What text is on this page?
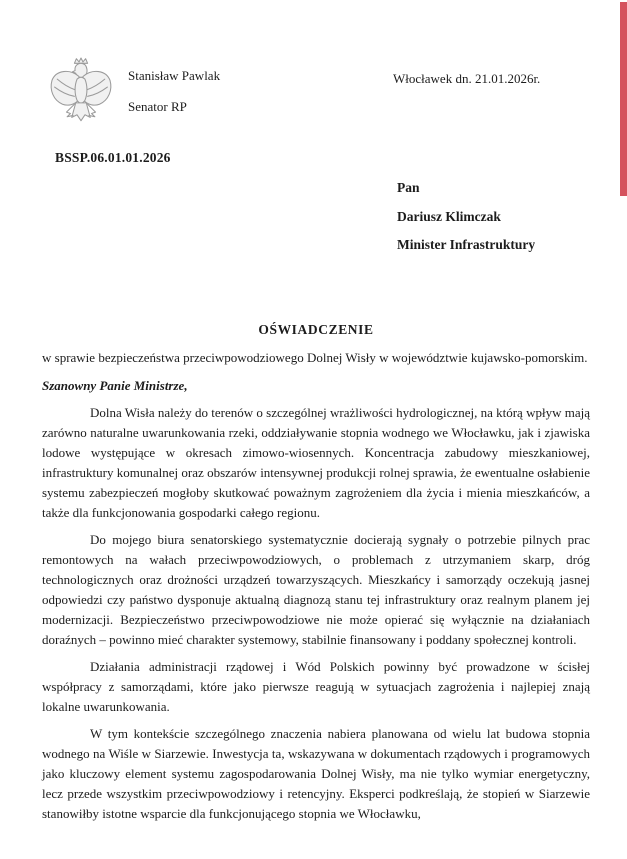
Stanisław Pawlak
Senator RP
Włocławek dn. 21.01.2026r.
BSSP.06.01.01.2026
Pan
Dariusz Klimczak
Minister Infrastruktury

OŚWIADCZENIE

w sprawie bezpieczeństwa przeciwpowodziowego Dolnej Wisły w województwie kujawsko-pomorskim.

Szanowny Panie Ministrze,

Dolna Wisła należy do terenów o szczególnej wrażliwości hydrologicznej, na którą wpływ mają zarówno naturalne uwarunkowania rzeki, oddziaływanie stopnia wodnego we Włocławku, jak i zjawiska lodowe występujące w okresach zimowo-wiosennych. Koncentracja zabudowy mieszkaniowej, infrastruktury komunalnej oraz obszarów intensywnej produkcji rolnej sprawia, że ewentualne osłabienie systemu zabezpieczeń mogłoby skutkować poważnym zagrożeniem dla życia i mienia mieszkańców, a także dla funkcjonowania gospodarki całego regionu.

Do mojego biura senatorskiego systematycznie docierają sygnały o potrzebie pilnych prac remontowych na wałach przeciwpowodziowych, o problemach z utrzymaniem skarp, dróg technologicznych oraz drożności urządzeń towarzyszących. Mieszkańcy i samorządy oczekują jasnej odpowiedzi czy państwo dysponuje aktualną diagnozą stanu tej infrastruktury oraz realnym planem jej modernizacji. Bezpieczeństwo przeciwpowodziowe nie może opierać się wyłącznie na działaniach doraźnych – powinno mieć charakter systemowy, stabilnie finansowany i poddany społecznej kontroli.

Działania administracji rządowej i Wód Polskich powinny być prowadzone w ścisłej współpracy z samorządami, które jako pierwsze reagują w sytuacjach zagrożenia i najlepiej znają lokalne uwarunkowania.

W tym kontekście szczególnego znaczenia nabiera planowana od wielu lat budowa stopnia wodnego na Wiśle w Siarzewie. Inwestycja ta, wskazywana w dokumentach rządowych i programowych jako kluczowy element systemu zagospodarowania Dolnej Wisły, ma nie tylko wymiar energetyczny, lecz przede wszystkim przeciwpowodziowy i retencyjny. Eksperci podkreślają, że stopień w Siarzewie stanowiłby istotne wsparcie dla funkcjonującego stopnia we Włocławku,
